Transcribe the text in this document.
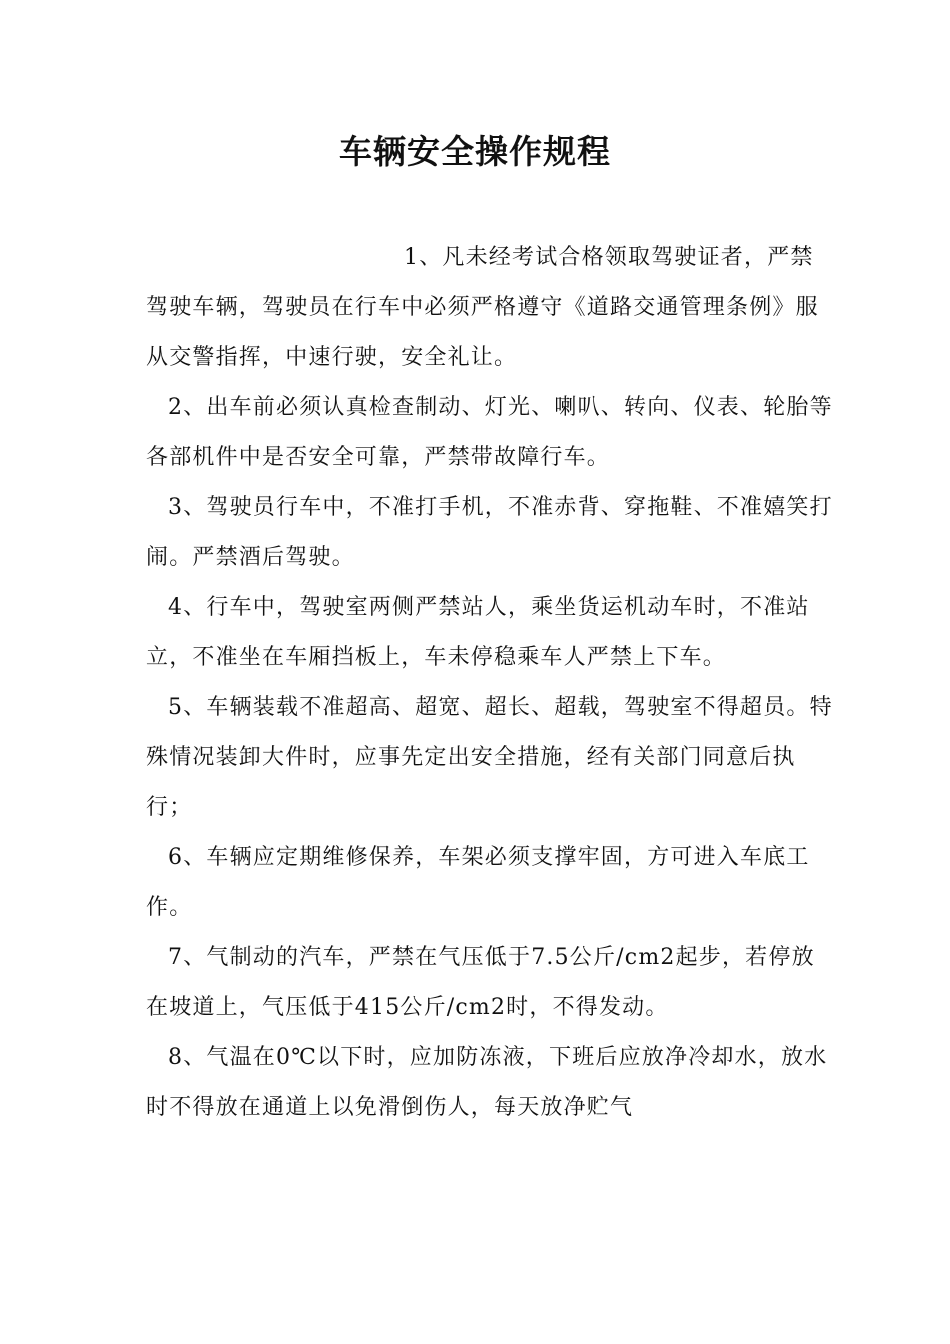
车辆安全操作规程

1、凡未经考试合格领取驾驶证者，严禁驾驶车辆，驾驶员在行车中必须严格遵守《道路交通管理条例》服从交警指挥，中速行驶，安全礼让。

2、出车前必须认真检查制动、灯光、喇叭、转向、仪表、轮胎等各部机件中是否安全可靠，严禁带故障行车。

3、驾驶员行车中，不准打手机，不准赤背、穿拖鞋、不准嬉笑打闹。严禁酒后驾驶。

4、行车中，驾驶室两侧严禁站人，乘坐货运机动车时，不准站立，不准坐在车厢挡板上，车未停稳乘车人严禁上下车。

5、车辆装载不准超高、超宽、超长、超载，驾驶室不得超员。特殊情况装卸大件时，应事先定出安全措施，经有关部门同意后执行；

6、车辆应定期维修保养，车架必须支撑牢固，方可进入车底工作。

7、气制动的汽车，严禁在气压低于7.5公斤/cm2起步，若停放在坡道上，气压低于415公斤/cm2时，不得发动。

8、气温在0℃以下时，应加防冻液，下班后应放净冷却水，放水时不得放在通道上以免滑倒伤人，每天放净贮气
